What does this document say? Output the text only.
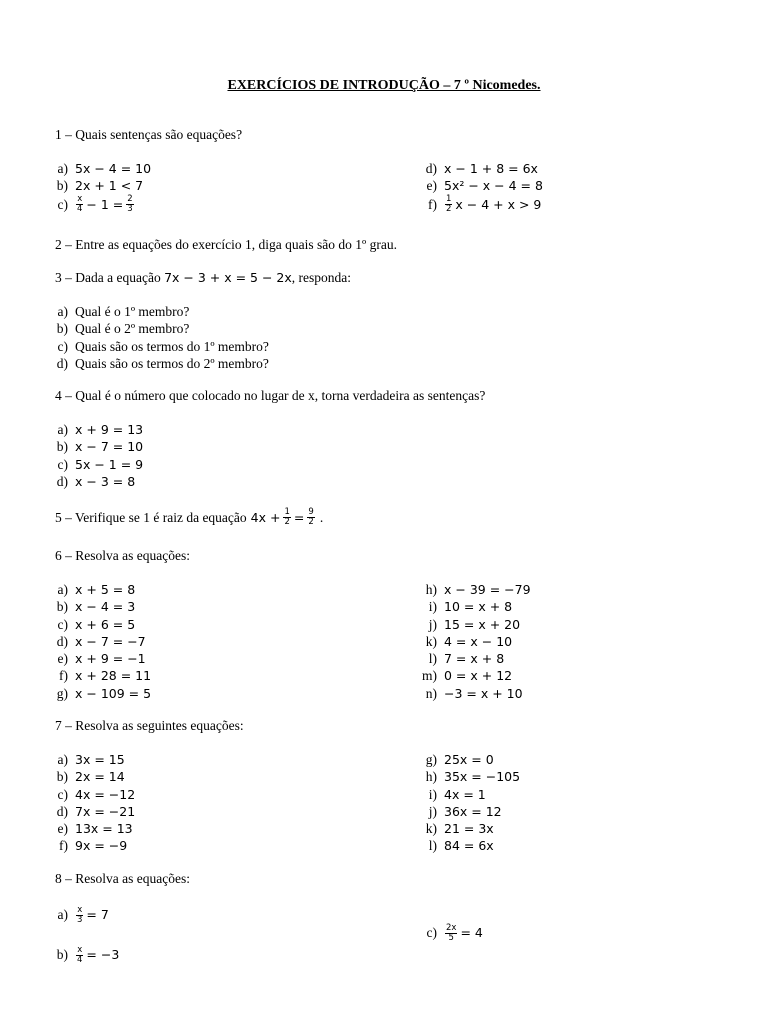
EXERCÍCIOS DE INTRODUÇÃO – 7 º Nicomedes.
1 – Quais sentenças são equações?
a) 5x − 4 = 10
b) 2x + 1 < 7
$c) \frac{x}{4} - 1 = \frac{2}{3}$
d) x − 1 + 8 = 6x
e) 5x² − x − 4 = 8
$f) \frac{1}{2}$ x − 4 + x > 9
2 – Entre as equações do exercício 1, diga quais são do 1º grau.
3 – Dada a equação 7x − 3 + x = 5 − 2x, responda:
a) Qual é o 1º membro?
b) Qual é o 2º membro?
c) Quais são os termos do 1º membro?
d) Quais são os termos do 2º membro?
4 – Qual é o número que colocado no lugar de x, torna verdadeira as sentenças?
a) x + 9 = 13
b) x − 7 = 10
c) 5x − 1 = 9
d) x − 3 = 8
5 – Verifique se 1 é raiz da equação $4x + \frac{1}{2} = \frac{9}{2}$ .
6 – Resolva as equações:
a) x + 5 = 8
b) x − 4 = 3
c) x + 6 = 5
d) x − 7 = −7
e) x + 9 = −1
f) x + 28 = 11
g) x − 109 = 5
h) x − 39 = −79
i) 10 = x + 8
j) 15 = x + 20
k) 4 = x − 10
l) 7 = x + 8
m) 0 = x + 12
n) −3 = x + 10
7 – Resolva as seguintes equações:
a) 3x = 15
b) 2x = 14
c) 4x = −12
d) 7x = −21
e) 13x = 13
f) 9x = −9
g) 25x = 0
h) 35x = −105
i) 4x = 1
j) 36x = 12
k) 21 = 3x
l) 84 = 6x
8 – Resolva as equações:
$a) \frac{x}{3} = 7$
$b) \frac{x}{4} = -3$
$c) \frac{2x}{5} = 4$
